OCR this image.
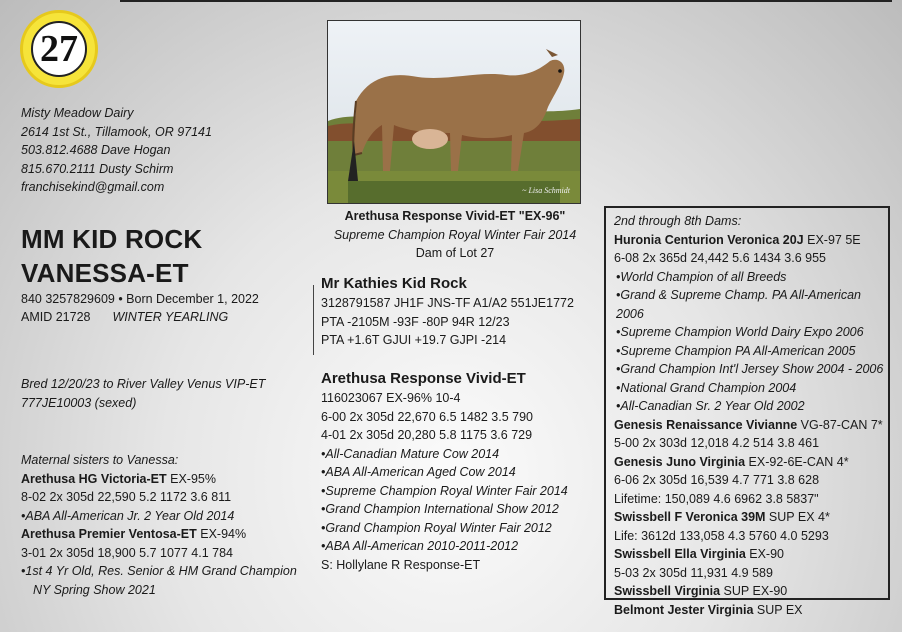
27
Misty Meadow Dairy
2614 1st St., Tillamook, OR 97141
503.812.4688 Dave Hogan
815.670.2111 Dusty Schirm
franchisekind@gmail.com
MM KID ROCK
VANESSA-ET
840 3257829609 • Born December 1, 2022
AMID 21728 WINTER YEARLING
Bred 12/20/23 to River Valley Venus VIP-ET
777JE10003 (sexed)
Maternal sisters to Vanessa:
Arethusa HG Victoria-ET EX-95%
8-02 2x 305d 22,590 5.2 1172 3.6 811
•ABA All-American Jr. 2 Year Old 2014
Arethusa Premier Ventosa-ET EX-94%
3-01 2x 305d 18,900 5.7 1077 4.1 784
•1st 4 Yr Old, Res. Senior & HM Grand Champion
NY Spring Show 2021
~ Lisa Schmidt
Arethusa Response Vivid-ET "EX-96"
Supreme Champion Royal Winter Fair 2014
Dam of Lot 27
Mr Kathies Kid Rock
3128791587 JH1F JNS-TF A1/A2 551JE1772
PTA -2105M -93F -80P 94R 12/23
PTA +1.6T GJUI +19.7 GJPI -214
Arethusa Response Vivid-ET
116023067 EX-96% 10-4
6-00 2x 305d 22,670 6.5 1482 3.5 790
4-01 2x 305d 20,280 5.8 1175 3.6 729
•All-Canadian Mature Cow 2014
•ABA All-American Aged Cow 2014
•Supreme Champion Royal Winter Fair 2014
•Grand Champion International Show 2012
•Grand Champion Royal Winter Fair 2012
•ABA All-American 2010-2011-2012
S: Hollylane R Response-ET
2nd through 8th Dams:
Huronia Centurion Veronica 20J EX-97 5E
6-08 2x 365d 24,442 5.6 1434 3.6 955
•World Champion of all Breeds
•Grand & Supreme Champ. PA All-American 2006
•Supreme Champion World Dairy Expo 2006
•Supreme Champion PA All-American 2005
•Grand Champion Int'l Jersey Show 2004 - 2006
•National Grand Champion 2004
•All-Canadian Sr. 2 Year Old 2002
Genesis Renaissance Vivianne VG-87-CAN 7*
5-00 2x 303d 12,018 4.2 514 3.8 461
Genesis Juno Virginia EX-92-6E-CAN 4*
6-06 2x 305d 16,539 4.7 771 3.8 628
Lifetime: 150,089 4.6 6962 3.8 5837"
Swissbell F Veronica 39M SUP EX 4*
Life: 3612d 133,058 4.3 5760 4.0 5293
Swissbell Ella Virginia EX-90
5-03 2x 305d 11,931 4.9 589
Swissbell Virginia SUP EX-90
Belmont Jester Virginia SUP EX
